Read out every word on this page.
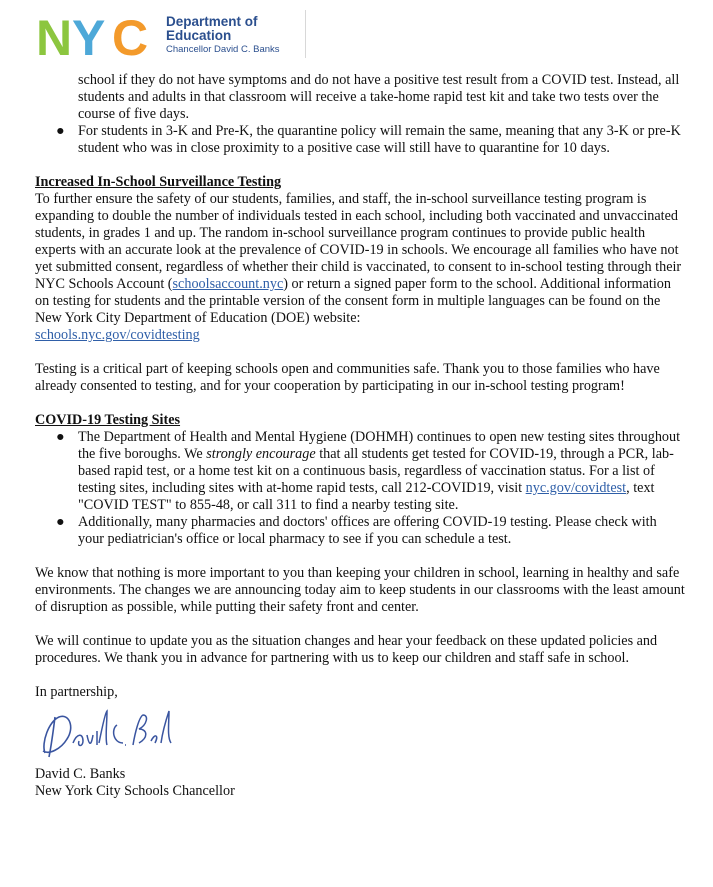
N Y C Department of
Education
Chancellor David C. Banks

school if they do not have symptoms and do not have a positive test result from a COVID test. Instead, all students and adults in that classroom will receive a take-home rapid test kit and take two tests over the course of five days.

● For students in 3-K and Pre-K, the quarantine policy will remain the same, meaning that any 3-K or pre-K student who was in close proximity to a positive case will still have to quarantine for 10 days.

Increased In-School Surveillance Testing

To further ensure the safety of our students, families, and staff, the in-school surveillance testing program is expanding to double the number of individuals tested in each school, including both vaccinated and unvaccinated students, in grades 1 and up. The random in-school surveillance program continues to provide public health experts with an accurate look at the prevalence of COVID-19 in schools. We encourage all families who have not yet submitted consent, regardless of whether their child is vaccinated, to consent to in-school testing through their NYC Schools Account (schoolsaccount.nyc) or return a signed paper form to the school. Additional information on testing for students and the printable version of the consent form in multiple languages can be found on the New York City Department of Education (DOE) website:
schools.nyc.gov/covidtesting

Testing is a critical part of keeping schools open and communities safe. Thank you to those families who have already consented to testing, and for your cooperation by participating in our in-school testing program!

COVID-19 Testing Sites

● The Department of Health and Mental Hygiene (DOHMH) continues to open new testing sites throughout the five boroughs. We strongly encourage that all students get tested for COVID-19, through a PCR, lab-based rapid test, or a home test kit on a continuous basis, regardless of vaccination status. For a list of testing sites, including sites with at-home rapid tests, call 212-COVID19, visit nyc.gov/covidtest, text "COVID TEST" to 855-48, or call 311 to find a nearby testing site.
● Additionally, many pharmacies and doctors' offices are offering COVID-19 testing. Please check with your pediatrician's office or local pharmacy to see if you can schedule a test.

We know that nothing is more important to you than keeping your children in school, learning in healthy and safe environments. The changes we are announcing today aim to keep students in our classrooms with the least amount of disruption as possible, while putting their safety front and center.

We will continue to update you as the situation changes and hear your feedback on these updated policies and procedures. We thank you in advance for partnering with us to keep our children and staff safe in school.

In partnership,

David C. Banks

New York City Schools Chancellor
